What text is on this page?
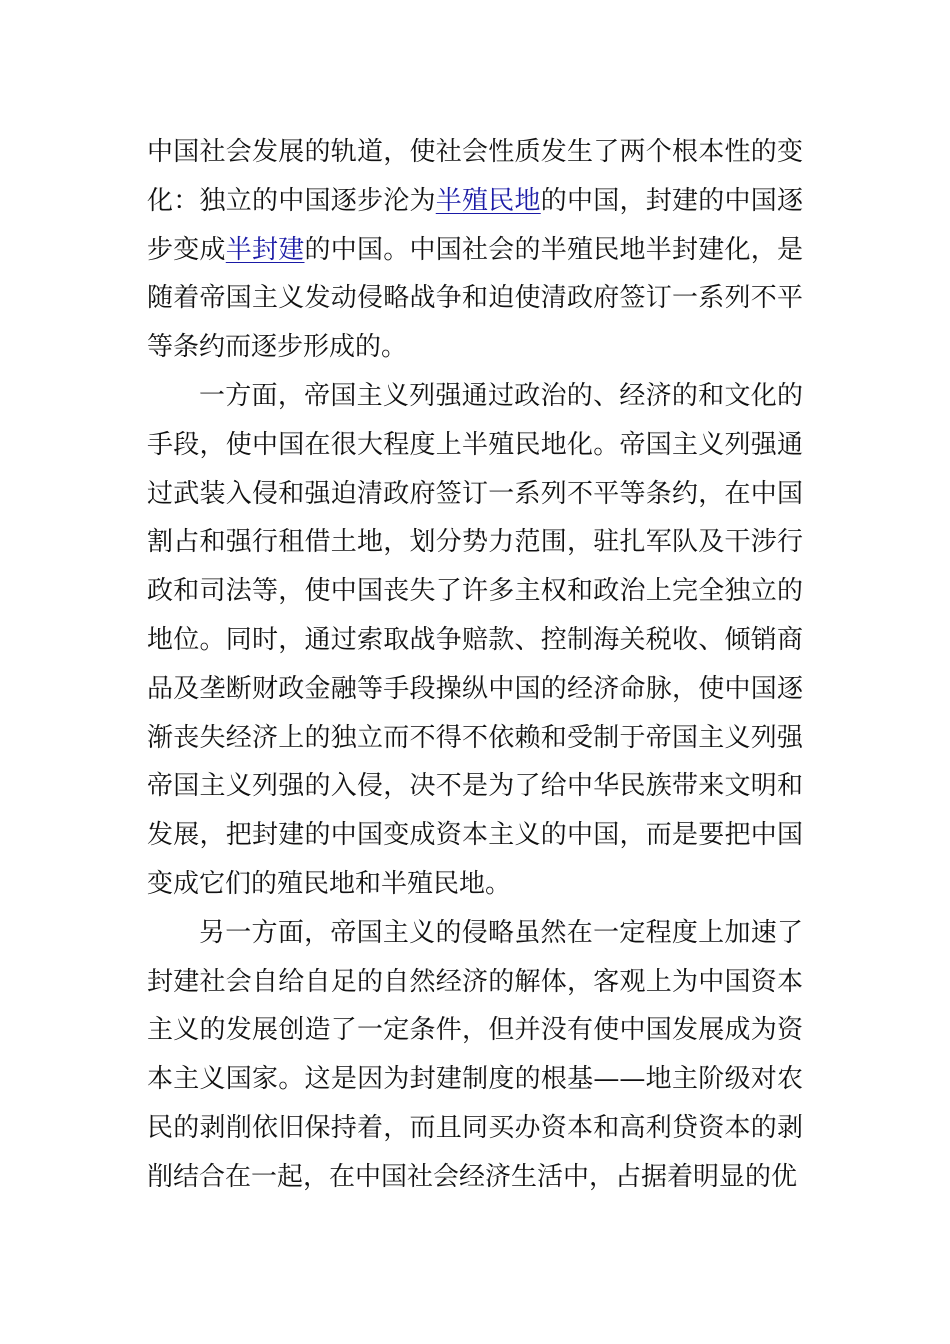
中国社会发展的轨道，使社会性质发生了两个根本性的变化：独立的中国逐步沦为半殖民地的中国，封建的中国逐步变成半封建的中国。中国社会的半殖民地半封建化，是随着帝国主义发动侵略战争和迫使清政府签订一系列不平等条约而逐步形成的。

一方面，帝国主义列强通过政治的、经济的和文化的手段，使中国在很大程度上半殖民地化。帝国主义列强通过武装入侵和强迫清政府签订一系列不平等条约，在中国割占和强行租借土地，划分势力范围，驻扎军队及干涉行政和司法等，使中国丧失了许多主权和政治上完全独立的地位。同时，通过索取战争赔款、控制海关税收、倾销商品及垄断财政金融等手段操纵中国的经济命脉，使中国逐渐丧失经济上的独立而不得不依赖和受制于帝国主义列强帝国主义列强的入侵，决不是为了给中华民族带来文明和发展，把封建的中国变成资本主义的中国，而是要把中国变成它们的殖民地和半殖民地。

另一方面，帝国主义的侵略虽然在一定程度上加速了封建社会自给自足的自然经济的解体，客观上为中国资本主义的发展创造了一定条件，但并没有使中国发展成为资本主义国家。这是因为封建制度的根基——地主阶级对农民的剥削依旧保持着，而且同买办资本和高利贷资本的剥削结合在一起，在中国社会经济生活中，占据着明显的优
